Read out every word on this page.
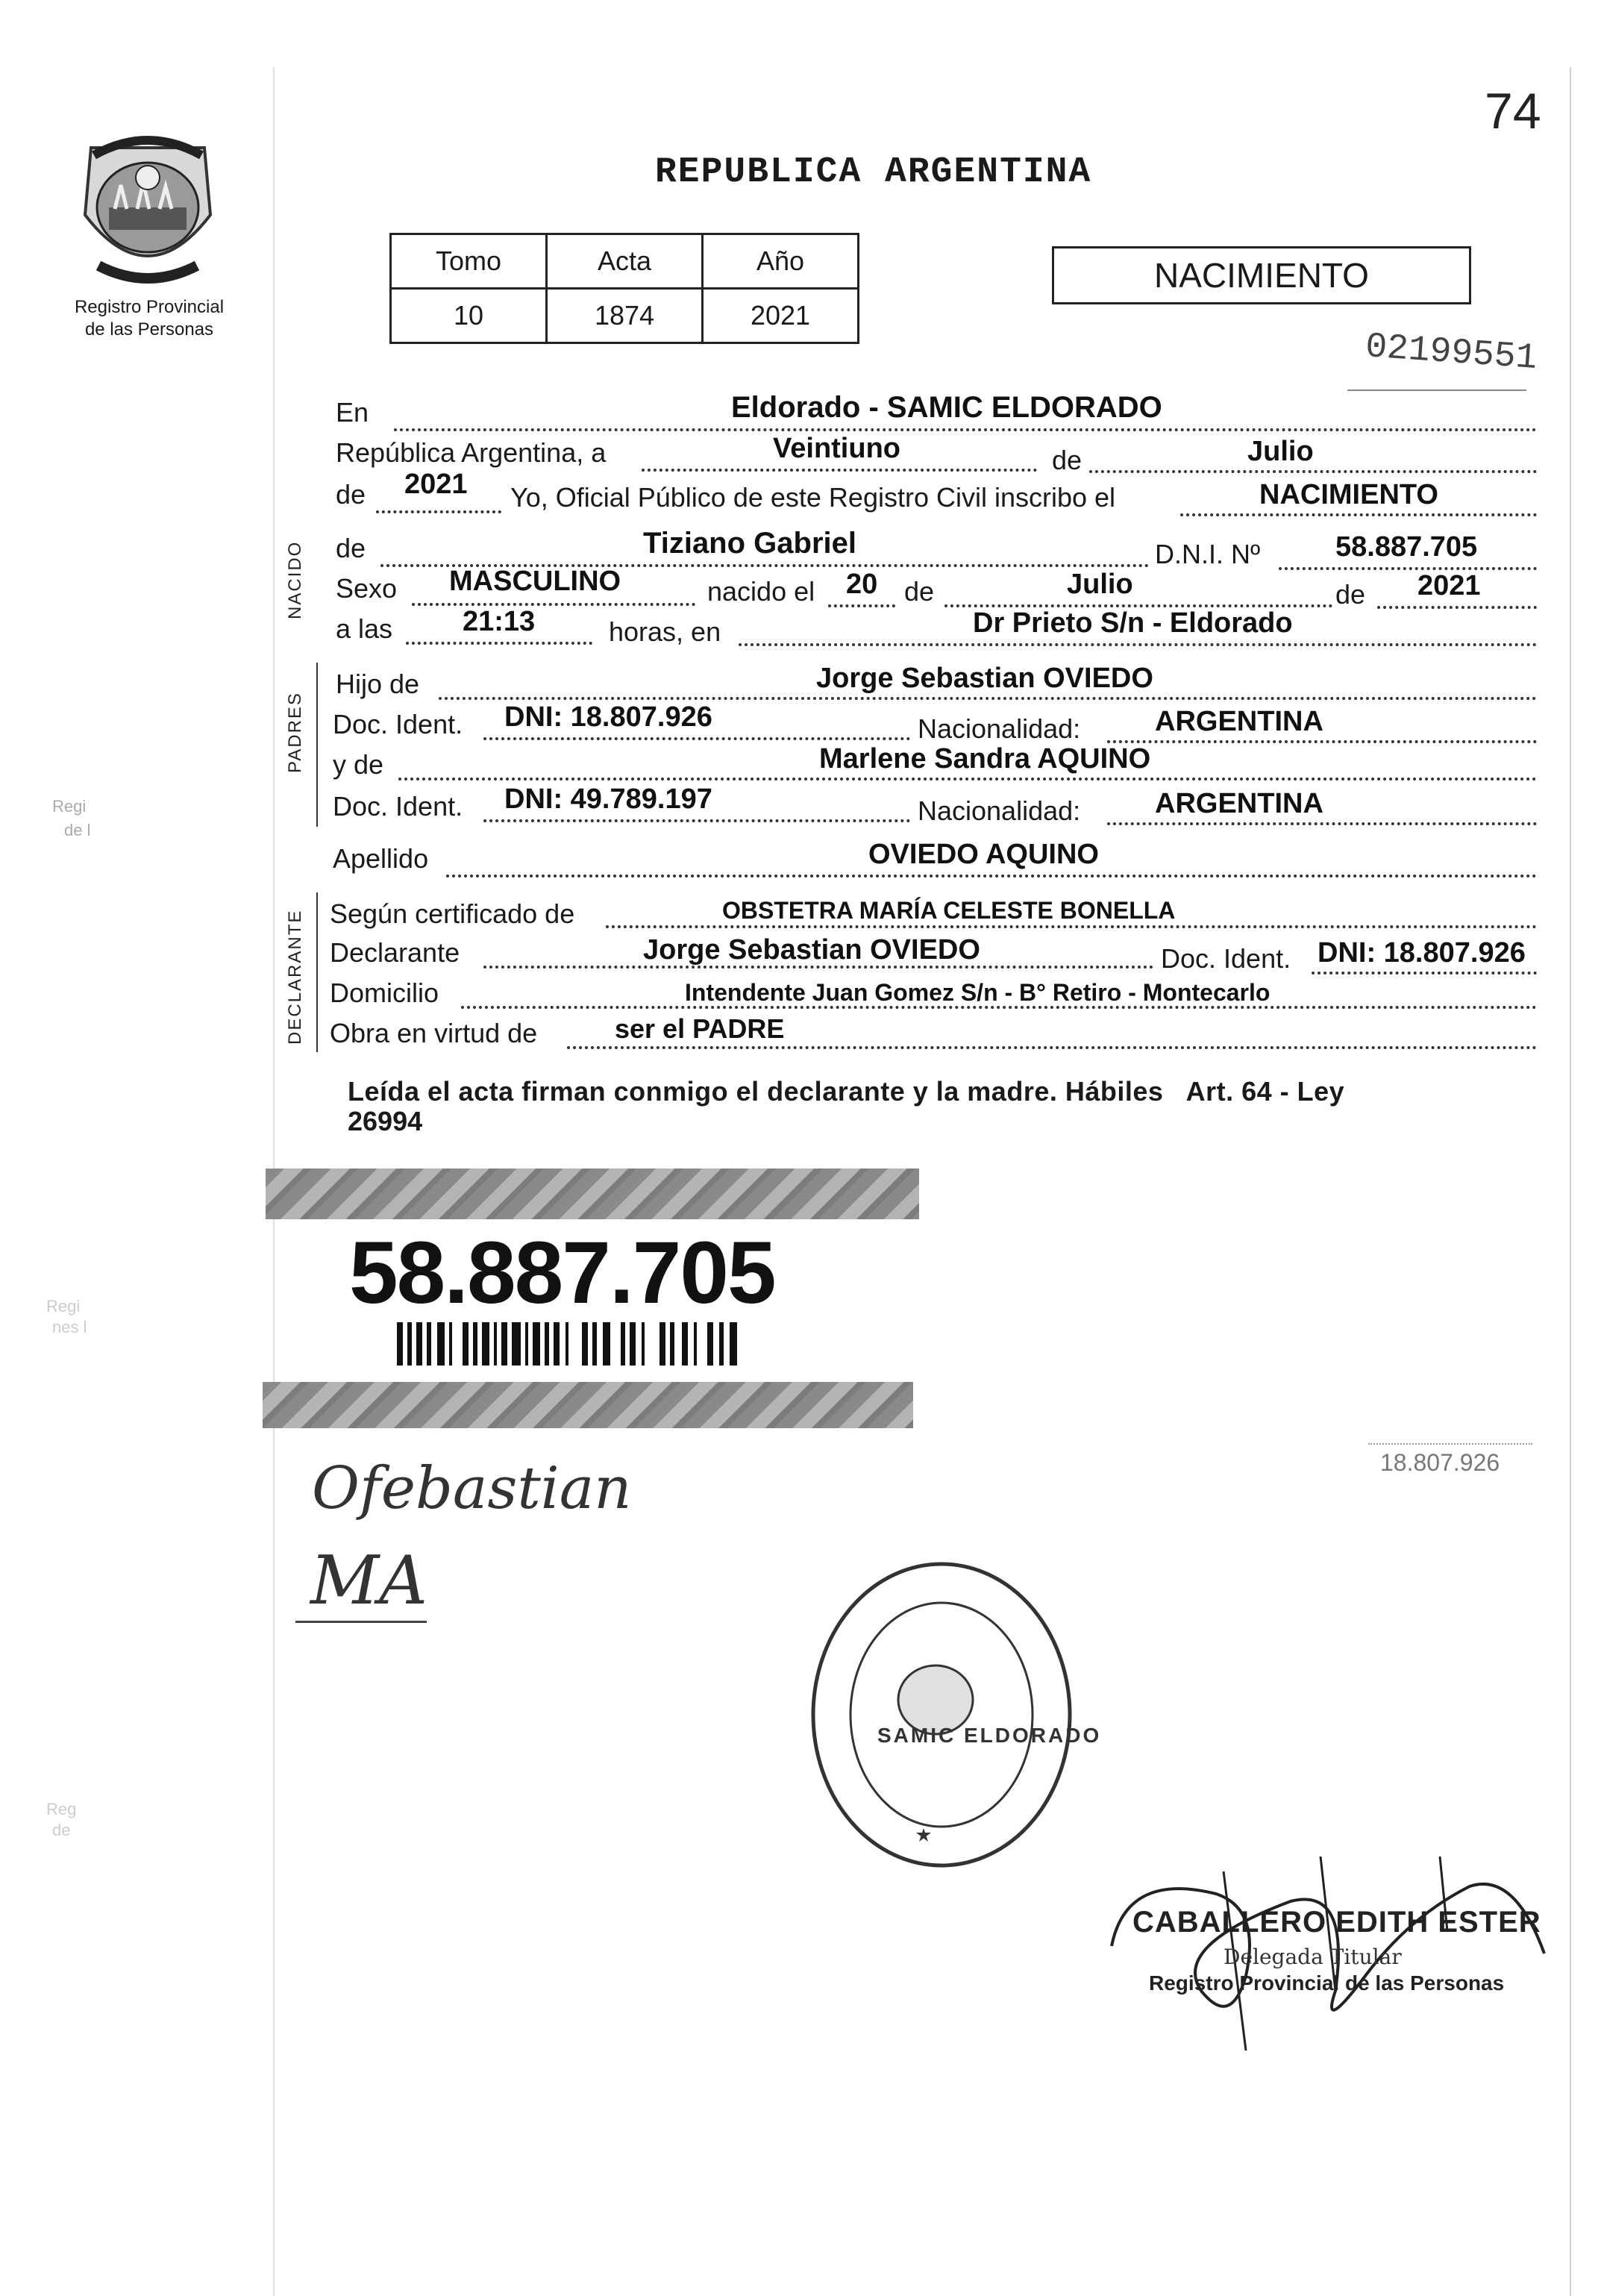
74
Registro Provincial
de las Personas
Regi
de l
Regi
nes l
Reg
de
REPUBLICA ARGENTINA
Tomo	Acta	Año
10	1874	2021
NACIMIENTO
02199551
En	Eldorado - SAMIC ELDORADO
República Argentina, a	Veintiuno	de	Julio
de 2021 Yo, Oficial Público de este Registro Civil inscribo el	NACIMIENTO
NACIDO de	Tiziano Gabriel	D.N.I. Nº	58.887.705
Sexo MASCULINO	nacido el 20 de	Julio	de 2021
a las 21:13	horas, en	Dr Prieto S/n - Eldorado
PADRES
Hijo de	Jorge Sebastian OVIEDO
Doc. Ident. DNI: 18.807.926	Nacionalidad:	ARGENTINA
y de	Marlene Sandra AQUINO
Doc. Ident. DNI: 49.789.197	Nacionalidad:	ARGENTINA
Apellido	OVIEDO AQUINO
DECLARANTE Según certificado de	OBSTETRA MARÍA CELESTE BONELLA
Declarante	Jorge Sebastian OVIEDO	Doc. Ident. DNI: 18.807.926
Domicilio	Intendente Juan Gomez S/n - B° Retiro - Montecarlo
Obra en virtud de	ser el PADRE
Leída el acta firman conmigo el declarante y la madre. Hábiles   Art. 64 - Ley
26994
58.887.705
18.807.926
Ofebastian
MA
SAMIC ELDORADO
CABALLERO EDITH ESTER
Delegada Titular
Registro Provincial de las Personas
